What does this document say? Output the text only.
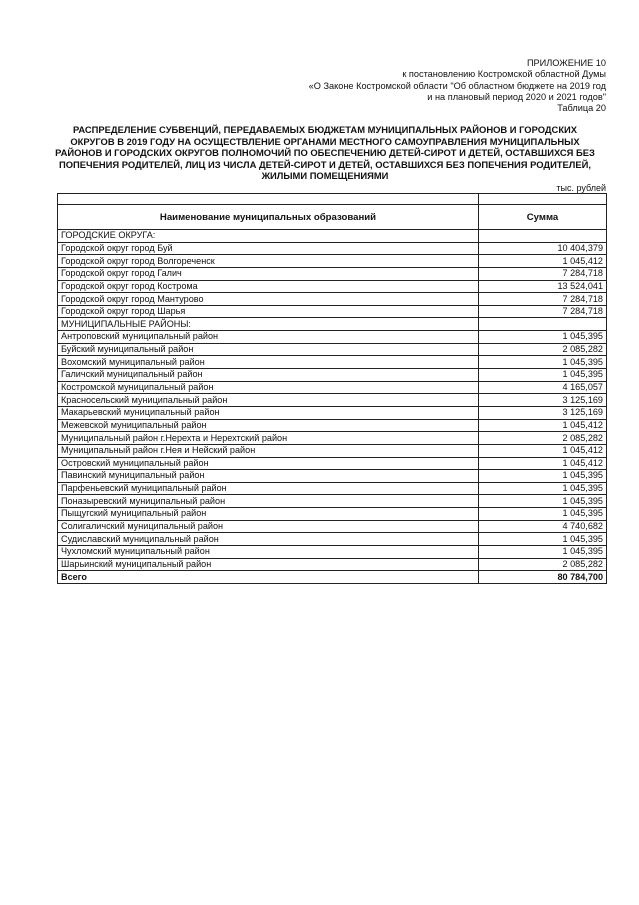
ПРИЛОЖЕНИЕ 10
к постановлению Костромской областной Думы
«О Законе Костромской области "Об областном бюджете на 2019 год
и на плановый период 2020 и 2021 годов"
Таблица 20
РАСПРЕДЕЛЕНИЕ СУБВЕНЦИЙ, ПЕРЕДАВАЕМЫХ БЮДЖЕТАМ МУНИЦИПАЛЬНЫХ РАЙОНОВ И ГОРОДСКИХ ОКРУГОВ В 2019 ГОДУ НА ОСУЩЕСТВЛЕНИЕ ОРГАНАМИ МЕСТНОГО САМОУПРАВЛЕНИЯ МУНИЦИПАЛЬНЫХ РАЙОНОВ И ГОРОДСКИХ ОКРУГОВ ПОЛНОМОЧИЙ ПО ОБЕСПЕЧЕНИЮ ДЕТЕЙ-СИРОТ И ДЕТЕЙ, ОСТАВШИХСЯ БЕЗ ПОПЕЧЕНИЯ РОДИТЕЛЕЙ, ЛИЦ ИЗ ЧИСЛА ДЕТЕЙ-СИРОТ И ДЕТЕЙ, ОСТАВШИХСЯ БЕЗ ПОПЕЧЕНИЯ РОДИТЕЛЕЙ, ЖИЛЫМИ ПОМЕЩЕНИЯМИ
тыс. рублей

Наименование муниципальных образований	Сумма
ГОРОДСКИЕ ОКРУГА:	
Городской округ город Буй	10 404,379
Городской округ город Волгореченск	1 045,412
Городской округ город Галич	7 284,718
Городской округ город Кострома	13 524,041
Городской округ город Мантурово	7 284,718
Городской округ город Шарья	7 284,718
МУНИЦИПАЛЬНЫЕ РАЙОНЫ:	
Антроповский муниципальный район	1 045,395
Буйский муниципальный район	2 085,282
Вохомский муниципальный район	1 045,395
Галичский муниципальный район	1 045,395
Костромской муниципальный район	4 165,057
Красносельский муниципальный район	3 125,169
Макарьевский муниципальный район	3 125,169
Межевской муниципальный район	1 045,412
Муниципальный район г.Нерехта и Нерехтский район	2 085,282
Муниципальный район г.Нея и Нейский район	1 045,412
Островский муниципальный район	1 045,412
Павинский муниципальный район	1 045,395
Парфеньевский муниципальный район	1 045,395
Поназыревский муниципальный район	1 045,395
Пыщугский муниципальный район	1 045,395
Солигаличский муниципальный район	4 740,682
Судиславский муниципальный район	1 045,395
Чухломский муниципальный район	1 045,395
Шарьинский муниципальный район	2 085,282
Всего	80 784,700
